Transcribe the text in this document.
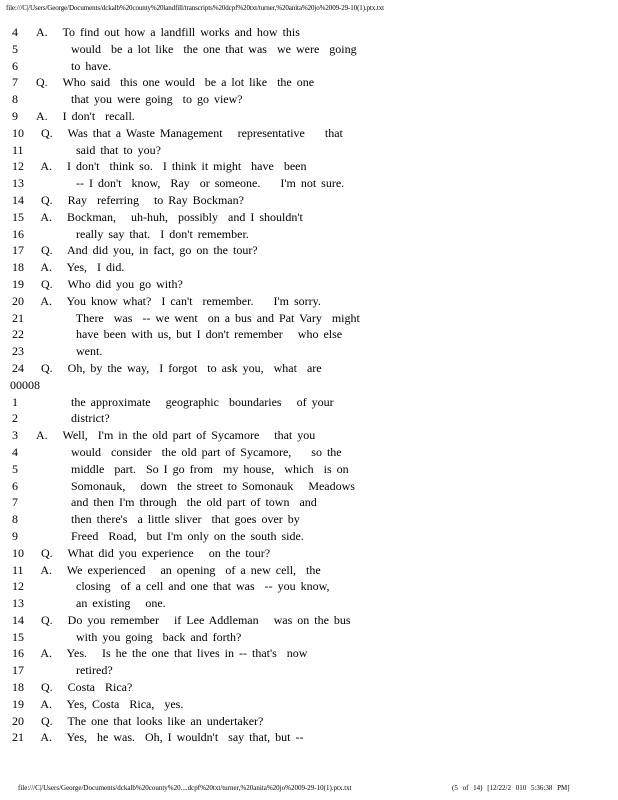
file:///C|/Users/George/Documents/dckalb%20county%20landfill/transcripts%20dcpf%20txt/turner,%20anita%20jo%2009-29-10(1).ptx.txt
4	A.   To find out how a landfill works and how this
5	would  be a lot like  the one that was  we were  going
6	to have.
7	Q.   Who said  this one would  be a lot like  the one
8	that you were going  to go view?
9	A.   I don't  recall.
10 Q.   Was that a Waste Management   representative    that
11 said that to you?
12 A.   I don't  think so.  I think it might  have  been
13 -- I don't  know,  Ray  or someone.    I'm not sure.
14 Q.   Ray  referring   to Ray Bockman?
15 A.   Bockman,   uh-huh,  possibly  and I shouldn't
16 really say that.  I don't remember.
17 Q.   And did you, in fact, go on the tour?
18 A.   Yes,  I did.
19 Q.   Who did you go with?
20 A.   You know what?  I can't  remember.    I'm sorry.
21 There  was  -- we went  on a bus and Pat Vary  might
22 have been with us, but I don't remember   who else
23 went.
24 Q.   Oh, by the way,  I forgot  to ask you,  what  are
00008
1	the approximate   geographic  boundaries   of your
2	district?
3	A.   Well,  I'm in the old part of Sycamore   that you
4	would  consider  the old part of Sycamore,    so the
5	middle  part.  So I go from  my house,  which  is on
6	Somonauk,   down  the street to Somonauk   Meadows
7	and then I'm through  the old part of town  and
8	then there's  a little sliver  that goes over by
9	Freed  Road,  but I'm only on the south side.
10 Q.   What did you experience   on the tour?
11 A.   We experienced   an opening  of a new cell,  the
12 closing  of a cell and one that was  -- you know,
13 an existing   one.
14 Q.   Do you remember   if Lee Addleman   was on the bus
15 with you going  back and forth?
16 A.   Yes.   Is he the one that lives in -- that's  now
17 retired?
18 Q.   Costa  Rica?
19 A.   Yes, Costa  Rica,  yes.
20 Q.   The one that looks like an undertaker?
21 A.   Yes,  he was.  Oh, I wouldn't  say that, but --
file:///C|/Users/George/Documents/dckalb%20county%20....dcpf%20txt/turner,%20anita%20jo%2009-29-10(1).ptx.txt	(5 of 14) [12/22/2 010 5:36:38 PM]
